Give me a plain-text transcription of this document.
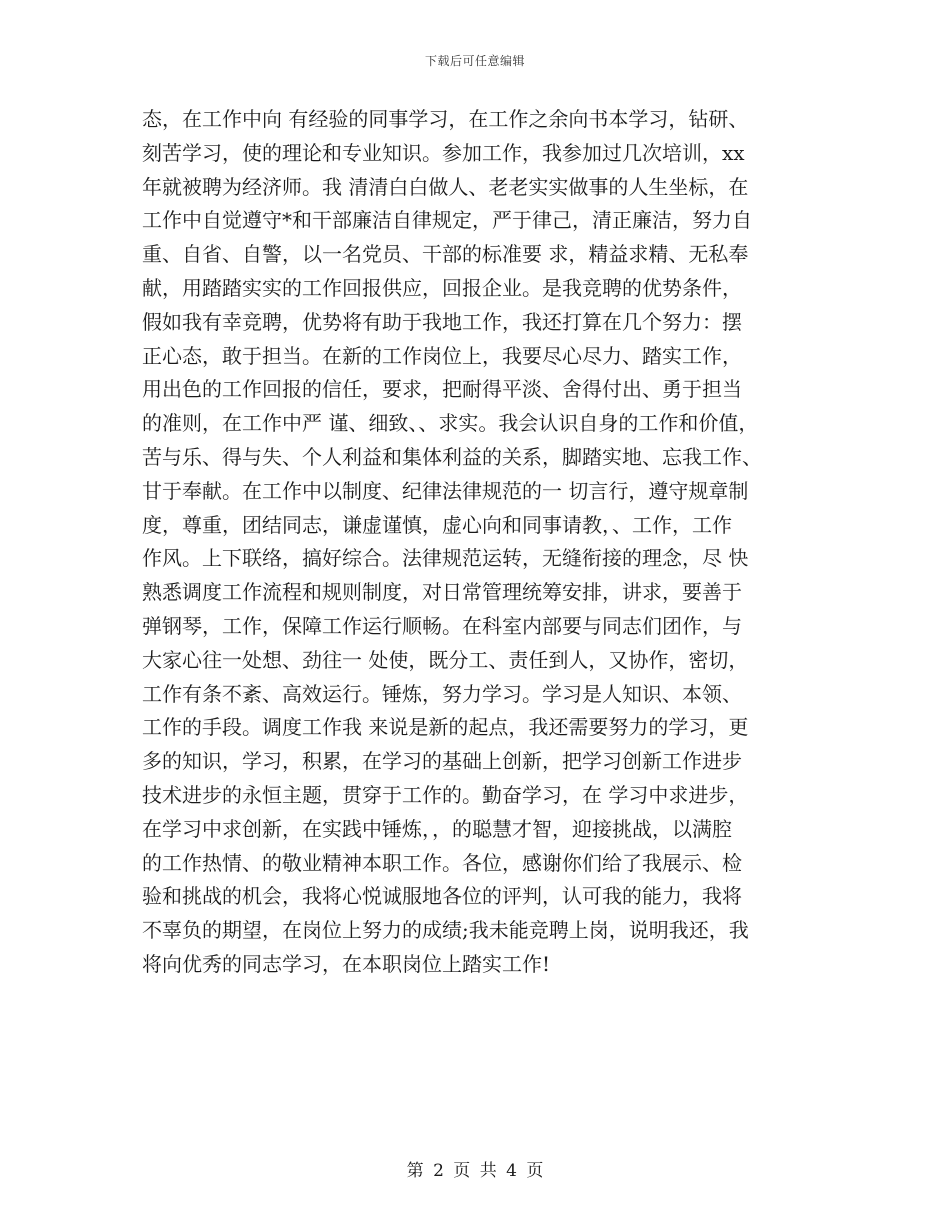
下载后可任意编辑
态，在工作中向 有经验的同事学习，在工作之余向书本学习，钻研、
刻苦学习，使的理论和专业知识。参加工作，我参加过几次培训，xx
年就被聘为经济师。我 清清白白做人、老老实实做事的人生坐标，在
工作中自觉遵守*和干部廉洁自律规定，严于律己，清正廉洁，努力自
重、自省、自警，以一名党员、干部的标准要 求，精益求精、无私奉
献，用踏踏实实的工作回报供应，回报企业。是我竞聘的优势条件，
假如我有幸竞聘，优势将有助于我地工作，我还打算在几个努力：摆
正心态，敢于担当。在新的工作岗位上，我要尽心尽力、踏实工作，
用出色的工作回报的信任，要求，把耐得平淡、舍得付出、勇于担当
的准则，在工作中严 谨、细致、、求实。我会认识自身的工作和价值，
苦与乐、得与失、个人利益和集体利益的关系，脚踏实地、忘我工作、
甘于奉献。在工作中以制度、纪律法律规范的一 切言行，遵守规章制
度，尊重，团结同志，谦虚谨慎，虚心向和同事请教，、工作，工作
作风。上下联络，搞好综合。法律规范运转，无缝衔接的理念，尽 快
熟悉调度工作流程和规则制度，对日常管理统筹安排，讲求，要善于
弹钢琴，工作，保障工作运行顺畅。在科室内部要与同志们团作，与
大家心往一处想、劲往一 处使，既分工、责任到人，又协作，密切，
工作有条不紊、高效运行。锤炼，努力学习。学习是人知识、本领、
工作的手段。调度工作我 来说是新的起点，我还需要努力的学习，更
多的知识，学习，积累，在学习的基础上创新，把学习创新工作进步
技术进步的永恒主题，贯穿于工作的。勤奋学习，在 学习中求进步，
在学习中求创新，在实践中锤炼，，的聪慧才智，迎接挑战，以满腔
的工作热情、的敬业精神本职工作。各位，感谢你们给了我展示、检
验和挑战的机会，我将心悦诚服地各位的评判，认可我的能力，我将
不辜负的期望，在岗位上努力的成绩;我未能竞聘上岗，说明我还，我
将向优秀的同志学习，在本职岗位上踏实工作!
第 2 页 共 4 页
